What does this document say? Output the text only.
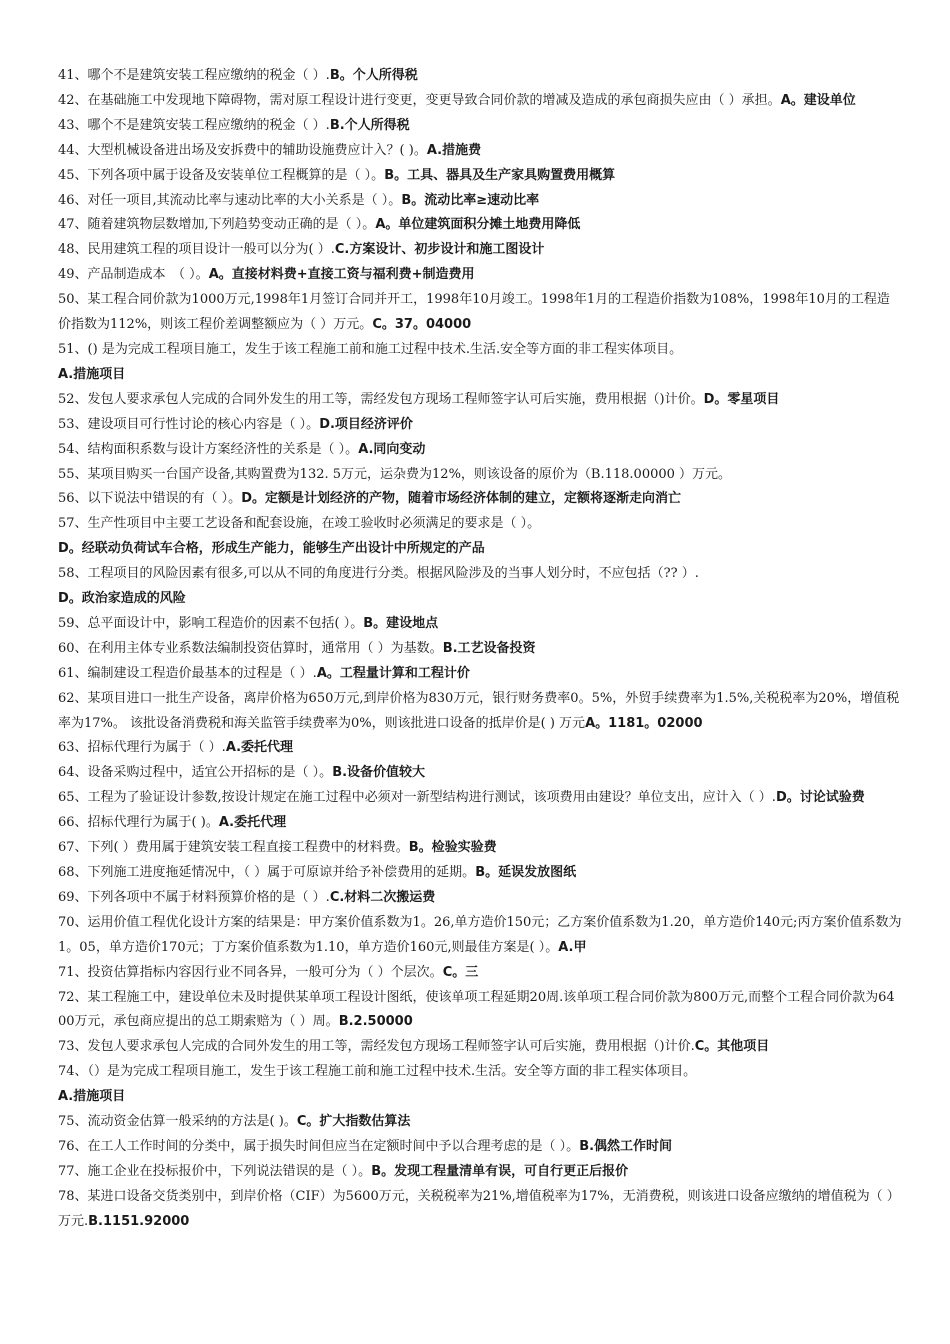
41、哪个不是建筑安装工程应缴纳的税金（ ）.B。个人所得税

42、在基础施工中发现地下障碍物，需对原工程设计进行变更，变更导致合同价款的增减及造成的承包商损失应由（ ）承担。A。建设单位

43、哪个不是建筑安装工程应缴纳的税金（ ）.B.个人所得税

44、大型机械设备进出场及安拆费中的辅助设施费应计入？( )。A.措施费

45、下列各项中属于设备及安装单位工程概算的是（ ）。B。工具、器具及生产家具购置费用概算

46、对任一项目,其流动比率与速动比率的大小关系是（ ）。B。流动比率≥速动比率

47、随着建筑物层数增加,下列趋势变动正确的是（ ）。A。单位建筑面积分摊土地费用降低

48、民用建筑工程的项目设计一般可以分为( ）.C.方案设计、初步设计和施工图设计

49、产品制造成本　（ ）。A。直接材料费+直接工资与福利费+制造费用

50、某工程合同价款为1000万元,1998年1月签订合同并开工，1998年10月竣工。1998年1月的工程造价指数为108%，1998年10月的工程造价指数为112%，则该工程价差调整额应为（ ）万元。C。37。04000

51、() 是为完成工程项目施工，发生于该工程施工前和施工过程中技术.生活.安全等方面的非工程实体项目。

A.措施项目

52、发包人要求承包人完成的合同外发生的用工等，需经发包方现场工程师签字认可后实施，费用根据（)计价。D。零星项目

53、建设项目可行性讨论的核心内容是（ ）。D.项目经济评价

54、结构面积系数与设计方案经济性的关系是（ ）。A.同向变动

55、某项目购买一台国产设备,其购置费为132. 5万元，运杂费为12%，则该设备的原价为（B.118.00000 ）万元。

56、以下说法中错误的有（ ）。D。定额是计划经济的产物，随着市场经济体制的建立，定额将逐渐走向消亡

57、生产性项目中主要工艺设备和配套设施，在竣工验收时必须满足的要求是（ ）。

D。经联动负荷试车合格，形成生产能力，能够生产出设计中所规定的产品

58、工程项目的风险因素有很多,可以从不同的角度进行分类。根据风险涉及的当事人划分时，不应包括（?? ）.

D。政治家造成的风险

59、总平面设计中，影响工程造价的因素不包括( ）。B。建设地点

60、在利用主体专业系数法编制投资估算时，通常用（ ）为基数。B.工艺设备投资

61、编制建设工程造价最基本的过程是（ ）.A。工程量计算和工程计价

62、某项目进口一批生产设备，离岸价格为650万元,到岸价格为830万元，银行财务费率0。5%，外贸手续费率为1.5%,关税税率为20%，增值税率为17%。 该批设备消费税和海关监管手续费率为0%，则该批进口设备的抵岸价是( ) 万元A。1181。02000

63、招标代理行为属于（ ）.A.委托代理

64、设备采购过程中，适宜公开招标的是（ ）。B.设备价值较大

65、工程为了验证设计参数,按设计规定在施工过程中必须对一新型结构进行测试，该项费用由建设？单位支出，应计入（ ）.D。讨论试验费

66、招标代理行为属于( )。A.委托代理

67、下列( ）费用属于建筑安装工程直接工程费中的材料费。B。检验实验费

68、下列施工进度拖延情况中，（ ）属于可原谅并给予补偿费用的延期。B。延误发放图纸

69、下列各项中不属于材料预算价格的是（ ）.C.材料二次搬运费

70、运用价值工程优化设计方案的结果是：甲方案价值系数为1。26,单方造价150元；乙方案价值系数为1.20，单方造价140元;丙方案价值系数为1。05，单方造价170元；丁方案价值系数为1.10，单方造价160元,则最佳方案是( ）。A.甲

71、投资估算指标内容因行业不同各异，一般可分为（ ）个层次。C。三

72、某工程施工中，建设单位未及时提供某单项工程设计图纸，使该单项工程延期20周.该单项工程合同价款为800万元,而整个工程合同价款为6400万元，承包商应提出的总工期索赔为（ ）周。B.2.50000

73、发包人要求承包人完成的合同外发生的用工等，需经发包方现场工程师签字认可后实施，费用根据（)计价.C。其他项目

74、（）是为完成工程项目施工，发生于该工程施工前和施工过程中技术.生活。安全等方面的非工程实体项目。

A.措施项目

75、流动资金估算一般采纳的方法是( )。C。扩大指数估算法

76、在工人工作时间的分类中，属于损失时间但应当在定额时间中予以合理考虑的是（ ）。B.偶然工作时间

77、施工企业在投标报价中，下列说法错误的是（ ）。B。发现工程量清单有误，可自行更正后报价

78、某进口设备交货类别中，到岸价格（CIF）为5600万元，关税税率为21%,增值税率为17%，无消费税，则该进口设备应缴纳的增值税为（ ）万元.B.1151.92000
